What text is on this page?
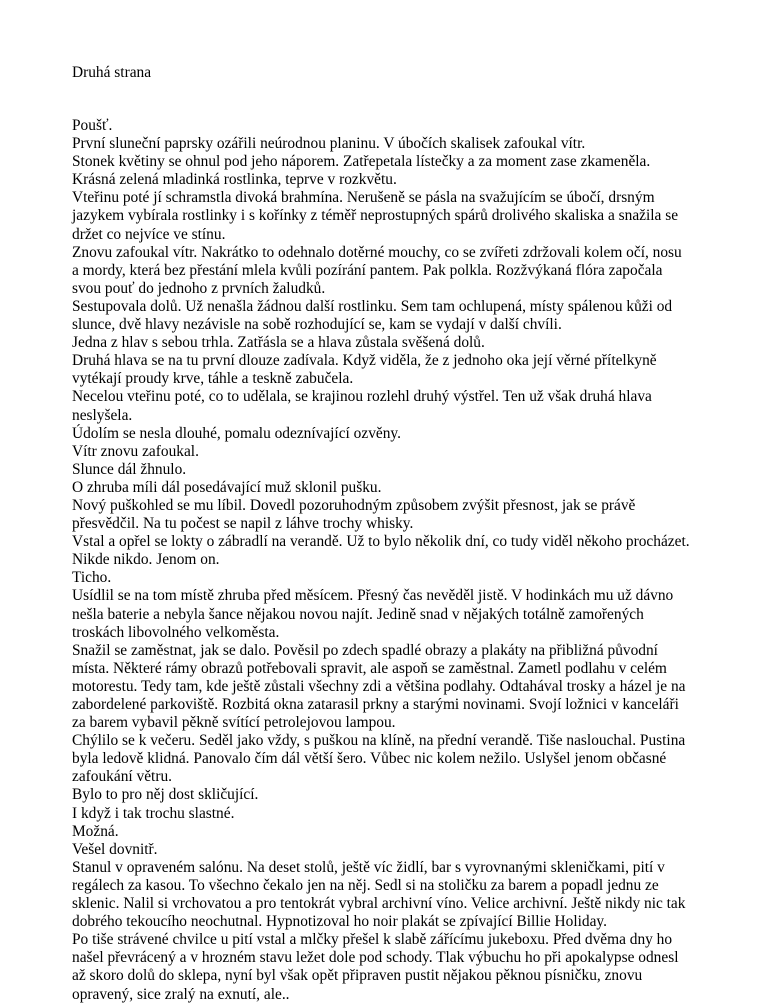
Druhá strana

Poušť.

První sluneční paprsky ozářili neúrodnou planinu. V úbočích skalisek zafoukal vítr.

Stonek květiny se ohnul pod jeho náporem. Zatřepetala lístečky a za moment zase zkameněla. Krásná zelená mladinká rostlinka, teprve v rozkvětu.

Vteřinu poté jí schramstla divoká brahmína. Nerušeně se pásla na svažujícím se úbočí, drsným jazykem vybírala rostlinky i s kořínky z téměř neprostupných spárů drolivého skaliska a snažila se držet co nejvíce ve stínu.

Znovu zafoukal vítr. Nakrátko to odehnalo dotěrné mouchy, co se zvířeti zdržovali kolem očí, nosu a mordy, která bez přestání mlela kvůli pozírání pantem. Pak polkla. Rozžvýkaná flóra započala svou pouť do jednoho z prvních žaludků.

Sestupovala dolů. Už nenašla žádnou další rostlinku. Sem tam ochlupená, místy spálenou kůži od slunce, dvě hlavy nezávisle na sobě rozhodující se, kam se vydají v další chvíli.

Jedna z hlav s sebou trhla. Zatřásla se a hlava zůstala svěšená dolů.

Druhá hlava se na tu první dlouze zadívala. Když viděla, že z jednoho oka její věrné přítelkyně vytékají proudy krve, táhle a teskně zabučela.

Necelou vteřinu poté, co to udělala, se krajinou rozlehl druhý výstřel. Ten už však druhá hlava neslyšela.

Údolím se nesla dlouhé, pomalu odeznívající ozvěny.

Vítr znovu zafoukal.

Slunce dál žhnulo.

O zhruba míli dál posedávající muž sklonil pušku.

Nový puškohled se mu líbil. Dovedl pozoruhodným způsobem zvýšit přesnost, jak se právě přesvědčil. Na tu počest se napil z láhve trochy whisky.

Vstal a opřel se lokty o zábradlí na verandě. Už to bylo několik dní, co tudy viděl někoho procházet. Nikde nikdo. Jenom on.

Ticho.

Usídlil se na tom místě zhruba před měsícem. Přesný čas nevěděl jistě. V hodinkách mu už dávno nešla baterie a nebyla šance nějakou novou najít. Jedině snad v nějakých totálně zamořených troskách libovolného velkoměsta.

Snažil se zaměstnat, jak se dalo. Pověsil po zdech spadlé obrazy a plakáty na přibližná původní místa. Některé rámy obrazů potřebovali spravit, ale aspoň se zaměstnal. Zametl podlahu v celém motorestu. Tedy tam, kde ještě zůstali všechny zdi a většina podlahy. Odtahával trosky a házel je na zabordelené parkoviště. Rozbitá okna zatarasil prkny a starými novinami. Svojí ložnici v kanceláři za barem vybavil pěkně svítící petrolejovou lampou.

Chýlilo se k večeru. Seděl jako vždy, s puškou na klíně, na přední verandě. Tiše naslouchal. Pustina byla ledově klidná. Panovalo čím dál větší šero. Vůbec nic kolem nežilo. Uslyšel jenom občasné zafoukání větru.

Bylo to pro něj dost skličující.

I když i tak trochu slastné.

Možná.

Vešel dovnitř.

Stanul v opraveném salónu. Na deset stolů, ještě víc židlí, bar s vyrovnanými skleničkami, pití v regálech za kasou. To všechno čekalo jen na něj. Sedl si na stoličku za barem a popadl jednu ze sklenic. Nalil si vrchovatou a pro tentokrát vybral archivní víno. Velice archivní. Ještě nikdy nic tak dobrého tekoucího neochutnal. Hypnotizoval ho noir plakát se zpívající Billie Holiday.

Po tiše strávené chvilce u pití vstal a mlčky přešel k slabě zářícímu jukeboxu. Před dvěma dny ho našel převrácený a v hrozném stavu ležet dole pod schody. Tlak výbuchu ho při apokalypse odnesl až skoro dolů do sklepa, nyní byl však opět připraven pustit nějakou pěknou písničku, znovu opravený, sice zralý na exnutí, ale..
